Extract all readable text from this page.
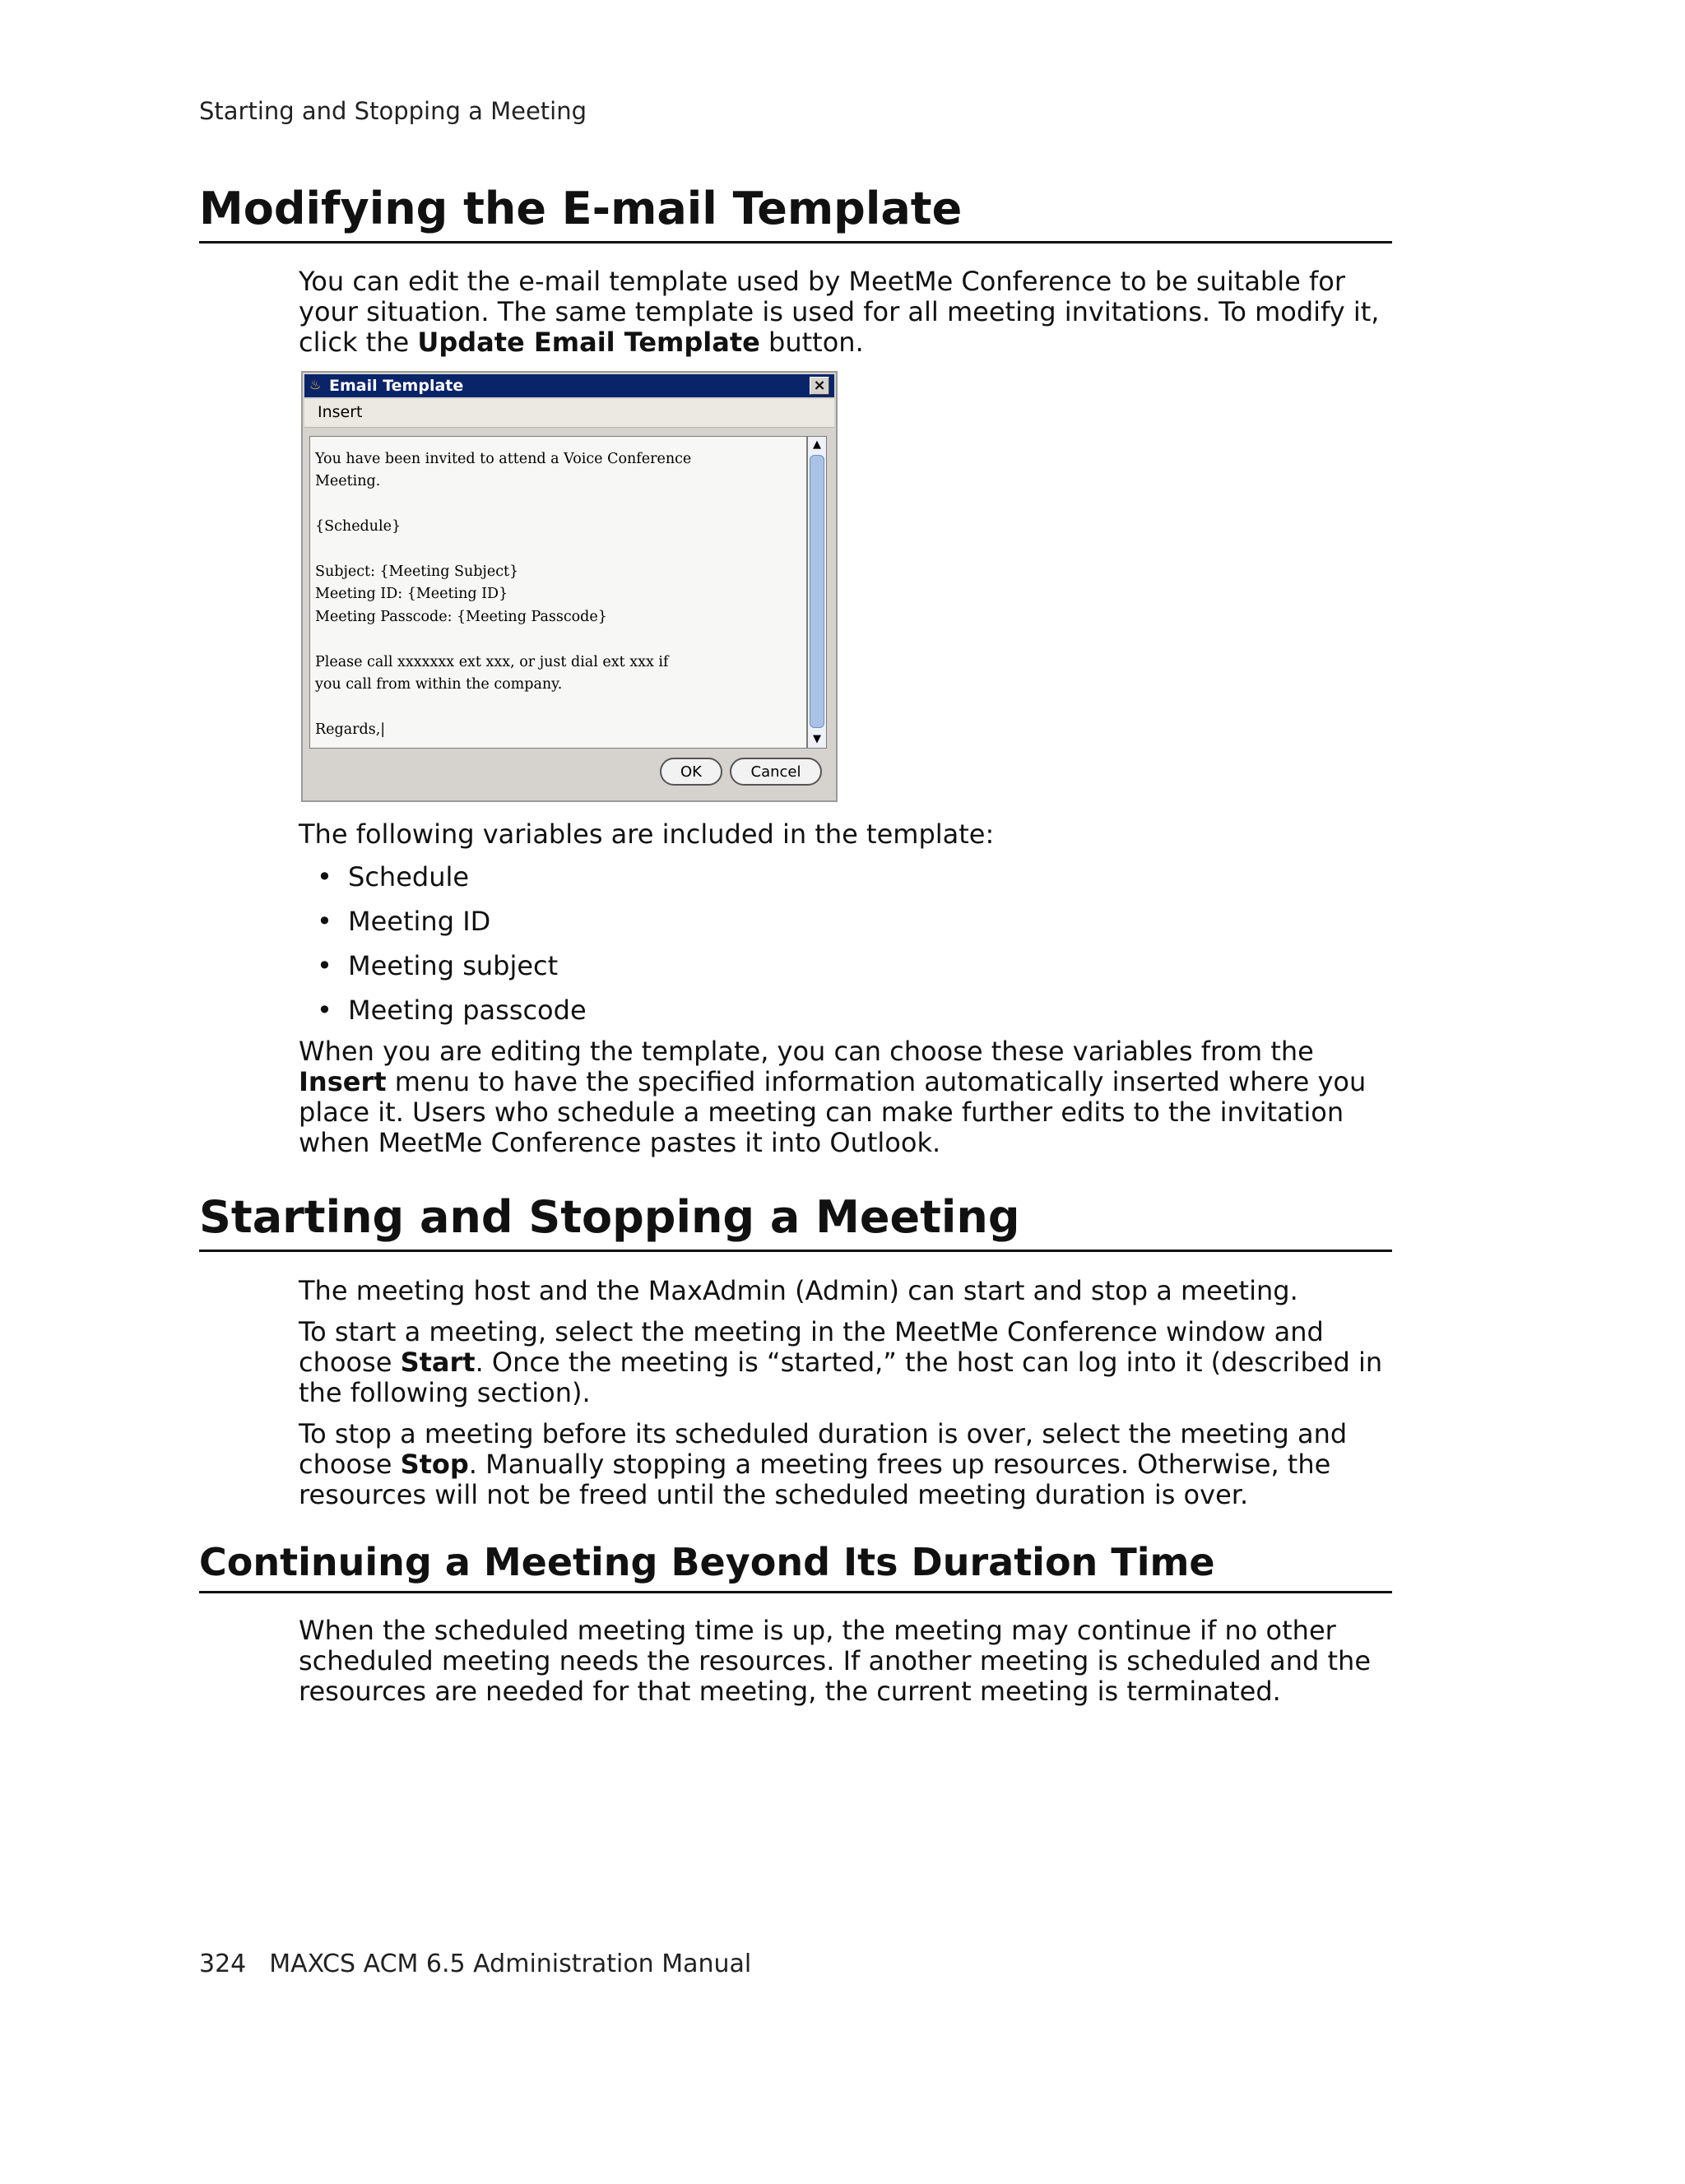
Starting and Stopping a Meeting
Modifying the E-mail Template

You can edit the e-mail template used by MeetMe Conference to be suitable for your situation. The same template is used for all meeting invitations. To modify it, click the Update Email Template button.

♨ Email Template	×
Insert
You have been invited to attend a Voice Conference
Meeting.
{Schedule}
Subject: {Meeting Subject}
Meeting ID: {Meeting ID}
Meeting Passcode: {Meeting Passcode}
Please call xxxxxxx ext xxx, or just dial ext xxx if
you call from within the company.
Regards,|
▲
▼
OK	Cancel

The following variables are included in the template:

• Schedule
• Meeting ID
• Meeting subject
• Meeting passcode

When you are editing the template, you can choose these variables from the Insert menu to have the specified information automatically inserted where you place it. Users who schedule a meeting can make further edits to the invitation when MeetMe Conference pastes it into Outlook.

Starting and Stopping a Meeting

The meeting host and the MaxAdmin (Admin) can start and stop a meeting.

To start a meeting, select the meeting in the MeetMe Conference window and choose Start. Once the meeting is “started,” the host can log into it (described in the following section).

To stop a meeting before its scheduled duration is over, select the meeting and choose Stop. Manually stopping a meeting frees up resources. Otherwise, the resources will not be freed until the scheduled meeting duration is over.

Continuing a Meeting Beyond Its Duration Time

When the scheduled meeting time is up, the meeting may continue if no other scheduled meeting needs the resources. If another meeting is scheduled and the resources are needed for that meeting, the current meeting is terminated.

324 MAXCS ACM 6.5 Administration Manual
